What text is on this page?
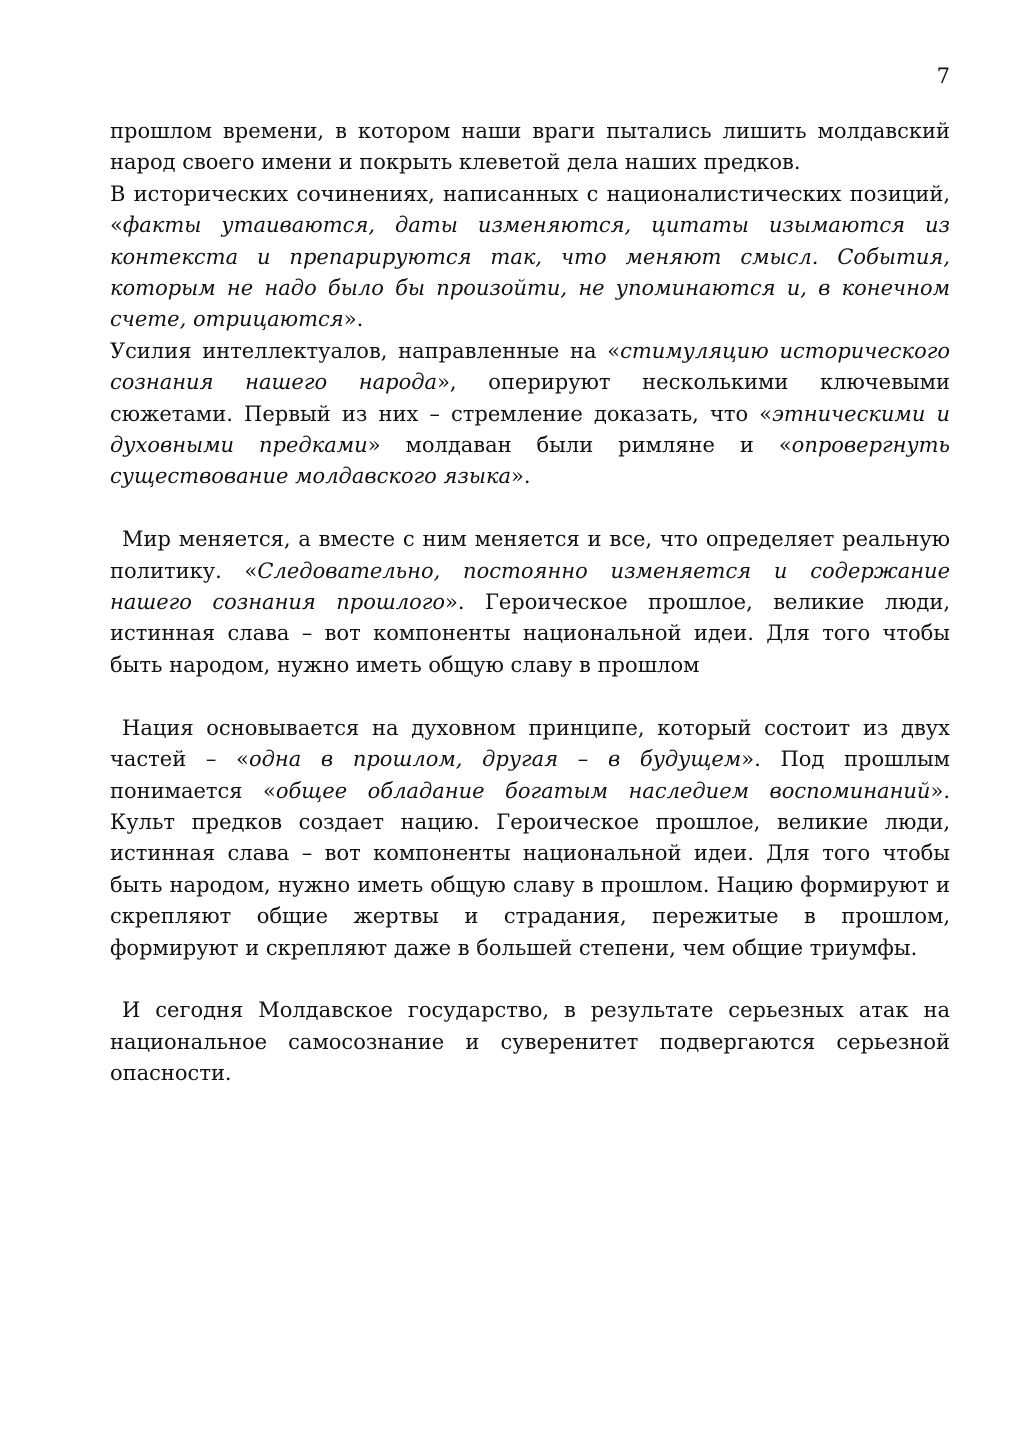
7

прошлом времени, в котором наши враги пытались лишить молдавский народ своего имени и покрыть клеветой дела наших предков.

В исторических сочинениях, написанных с националистических позиций, «факты утаиваются, даты изменяются, цитаты изымаются из контекста и препарируются так, что меняют смысл. События, которым не надо было бы произойти, не упоминаются и, в конечном счете, отрицаются».

Усилия интеллектуалов, направленные на «стимуляцию исторического сознания нашего народа», оперируют несколькими ключевыми сюжетами. Первый из них – стремление доказать, что «этническими и духовными предками» молдаван были римляне и «опровергнуть существование молдавского языка».

Мир меняется, а вместе с ним меняется и все, что определяет реальную политику. «Следовательно, постоянно изменяется и содержание нашего сознания прошлого». Героическое прошлое, великие люди, истинная слава – вот компоненты национальной идеи. Для того чтобы быть народом, нужно иметь общую славу в прошлом

Нация основывается на духовном принципе, который состоит из двух частей – «одна в прошлом, другая – в будущем». Под прошлым понимается «общее обладание богатым наследием воспоминаний». Культ предков создает нацию. Героическое прошлое, великие люди, истинная слава – вот компоненты национальной идеи. Для того чтобы быть народом, нужно иметь общую славу в прошлом. Нацию формируют и скрепляют общие жертвы и страдания, пережитые в прошлом, формируют и скрепляют даже в большей степени, чем общие триумфы.

И сегодня Молдавское государство, в результате серьезных атак на национальное самосознание и суверенитет подвергаются серьезной опасности.
